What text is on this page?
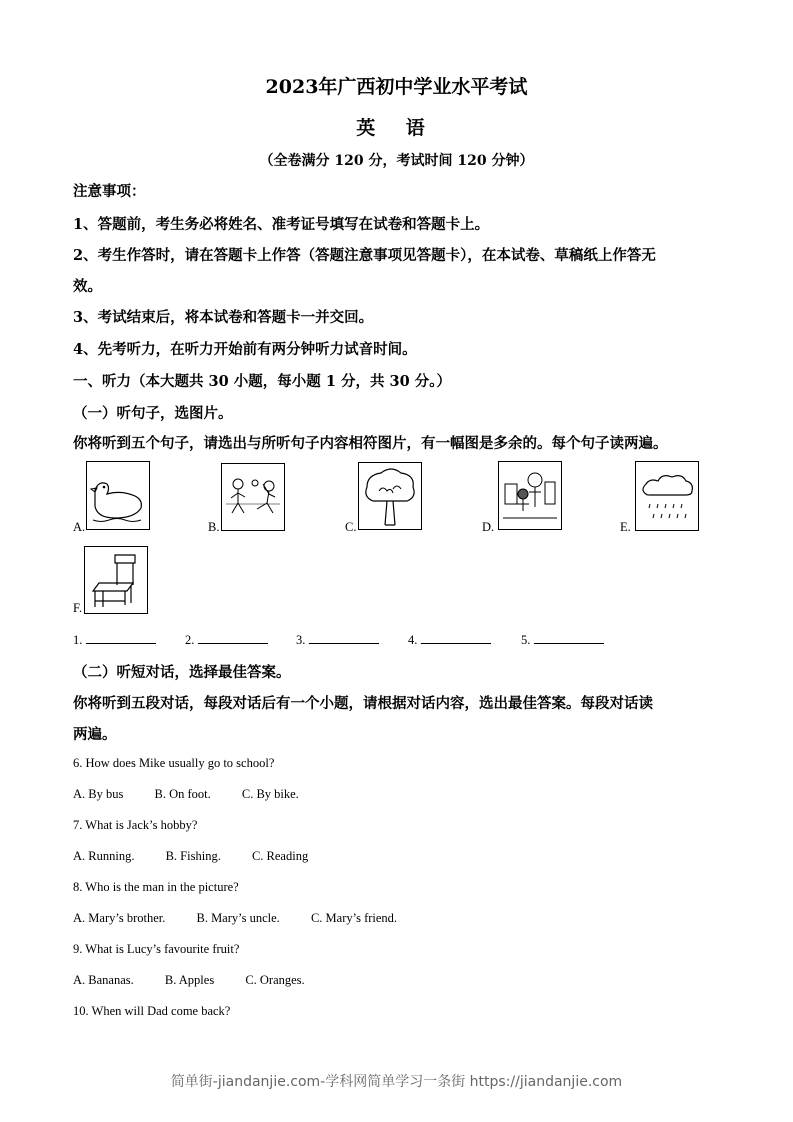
2023年广西初中学业水平考试
英 语
（全卷满分 120 分，考试时间 120 分钟）
注意事项：
1、答题前，考生务必将姓名、准考证号填写在试卷和答题卡上。
2、考生作答时，请在答题卡上作答（答题注意事项见答题卡），在本试卷、草稿纸上作答无
效。
3、考试结束后，将本试卷和答题卡一并交回。
4、先考听力，在听力开始前有两分钟听力试音时间。
一、听力（本大题共 30 小题，每小题 1 分，共 30 分。）
（一）听句子，选图片。
你将听到五个句子，请选出与所听句子内容相符图片，有一幅图是多余的。每个句子读两遍。
A.	B.	C.	D.	E.
F.
1.	2.	3.	4.	5.
（二）听短对话，选择最佳答案。
你将听到五段对话，每段对话后有一个小题，请根据对话内容，选出最佳答案。每段对话读
两遍。
6. How does Mike usually go to school?
A. By bus B. On foot. C. By bike.
7. What is Jack’s hobby?
A. Running. B. Fishing. C. Reading
8. Who is the man in the picture?
A. Mary’s brother. B. Mary’s uncle. C. Mary’s friend.
9. What is Lucy’s favourite fruit?
A. Bananas. B. Apples C. Oranges.
10. When will Dad come back?
简单街-jiandanjie.com-学科网简单学习一条街 https://jiandanjie.com
